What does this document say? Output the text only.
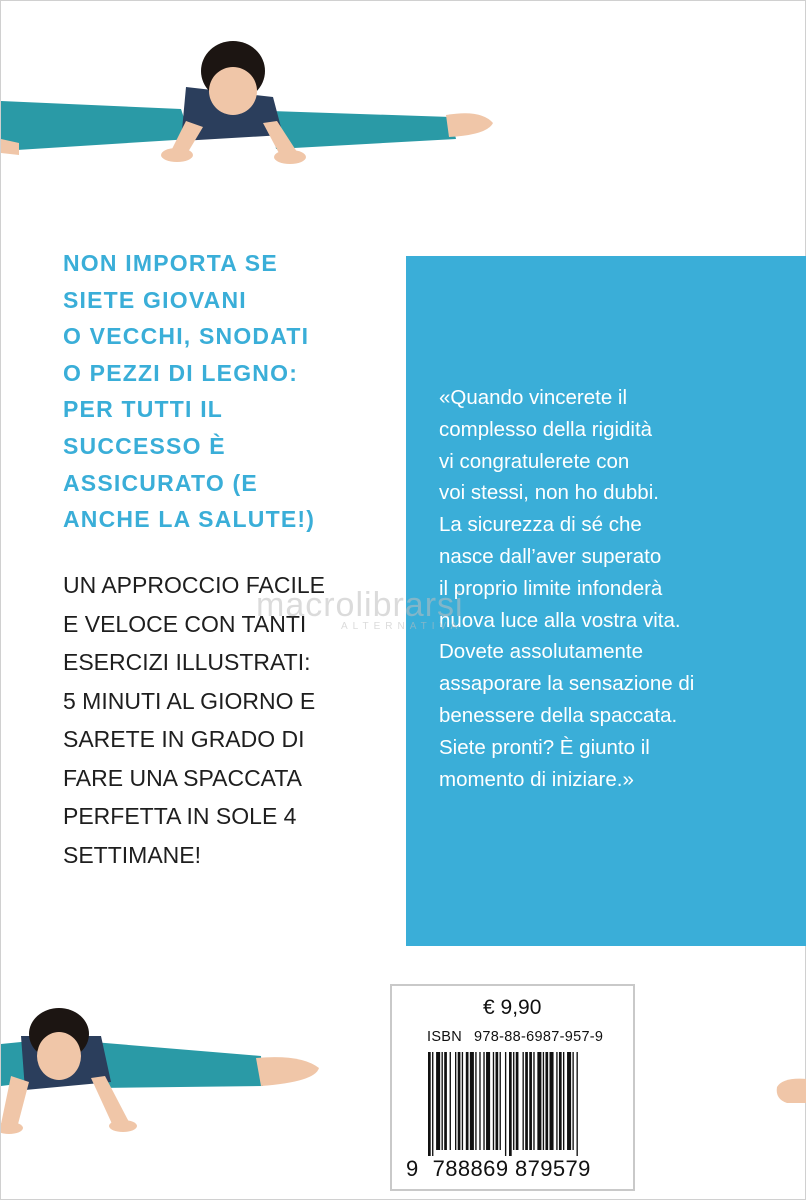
NON IMPORTA SE
SIETE GIOVANI
O VECCHI, SNODATI
O PEZZI DI LEGNO:
PER TUTTI IL
SUCCESSO È
ASSICURATO (E
ANCHE LA SALUTE!)

UN APPROCCIO FACILE
E VELOCE CON TANTI
ESERCIZI ILLUSTRATI:
5 MINUTI AL GIORNO E
SARETE IN GRADO DI
FARE UNA SPACCATA
PERFETTA IN SOLE 4
SETTIMANE!

«Quando vincerete il
complesso della rigidità
vi congratulerete con
voi stessi, non ho dubbi.
La sicurezza di sé che
nasce dall’aver superato
il proprio limite infonderà
nuova luce alla vostra vita.
Dovete assolutamente
assaporare la sensazione di
benessere della spaccata.
Siete pronti? È giunto il
momento di iniziare.»

macrolibrarsi
ALTERNATIVA
€ 9,90
ISBN 978-88-6987-957-9
9 788869 879579
